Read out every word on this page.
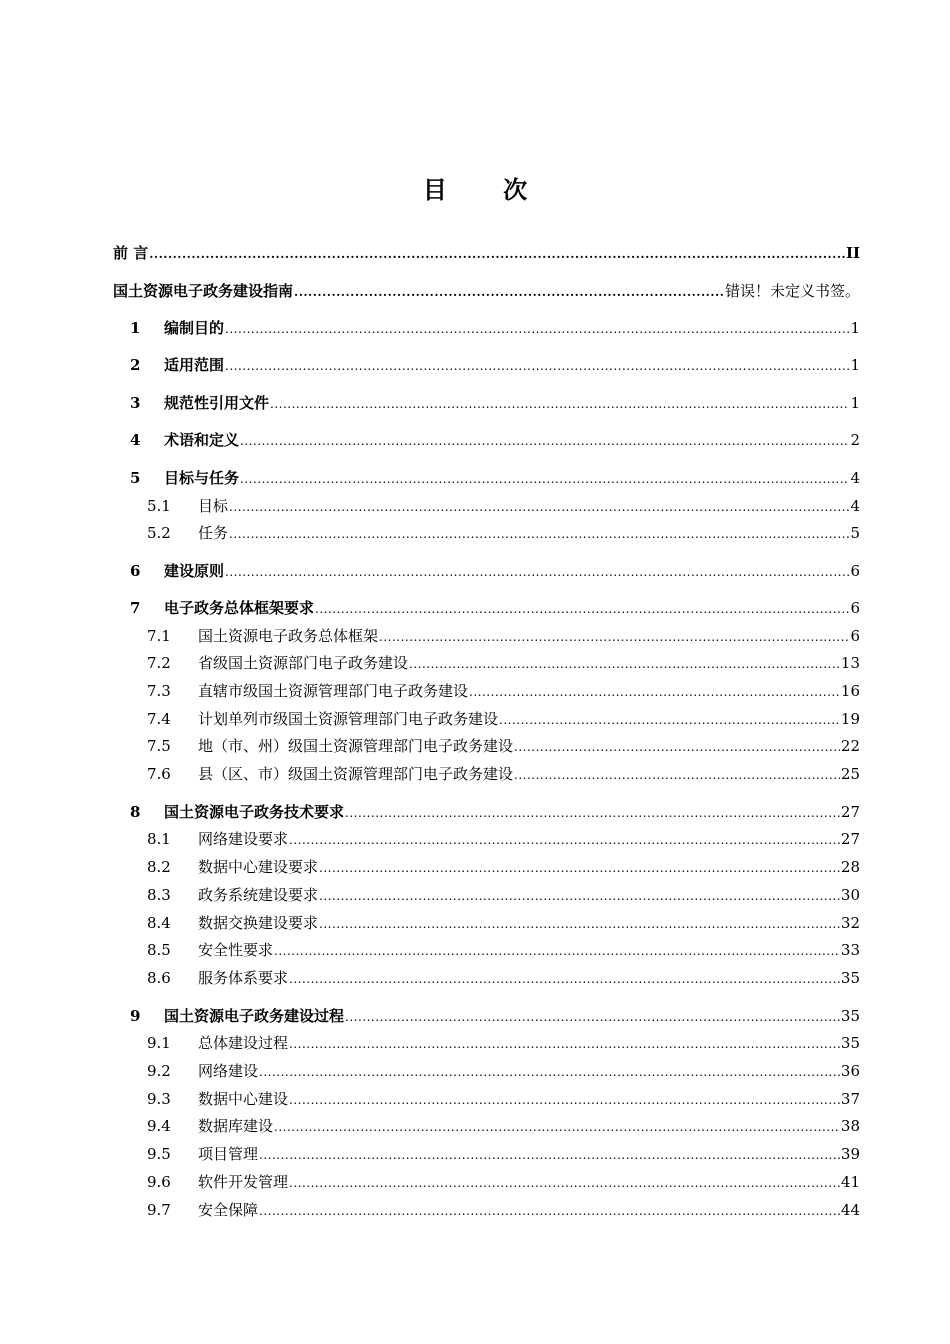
目 次
前 言 .....	II
国土资源电子政务建设指南 .....	错误！未定义书签。
1	编制目的 .....	1
2	适用范围 .....	1
3	规范性引用文件 .....	1
4	术语和定义 .....	2
5	目标与任务 .....	4
5.1	目标 .....	4
5.2	任务 .....	5
6	建设原则 .....	6
7	电子政务总体框架要求 .....	6
7.1	国土资源电子政务总体框架 .....	6
7.2	省级国土资源部门电子政务建设 .....	13
7.3	直辖市级国土资源管理部门电子政务建设 .....	16
7.4	计划单列市级国土资源管理部门电子政务建设 .....	19
7.5	地（市、州）级国土资源管理部门电子政务建设 .....	22
7.6	县（区、市）级国土资源管理部门电子政务建设 .....	25
8	国土资源电子政务技术要求 .....	27
8.1	网络建设要求 .....	27
8.2	数据中心建设要求 .....	28
8.3	政务系统建设要求 .....	30
8.4	数据交换建设要求 .....	32
8.5	安全性要求 .....	33
8.6	服务体系要求 .....	35
9	国土资源电子政务建设过程 .....	35
9.1	总体建设过程 .....	35
9.2	网络建设 .....	36
9.3	数据中心建设 .....	37
9.4	数据库建设 .....	38
9.5	项目管理 .....	39
9.6	软件开发管理 .....	41
9.7	安全保障 .....	44
